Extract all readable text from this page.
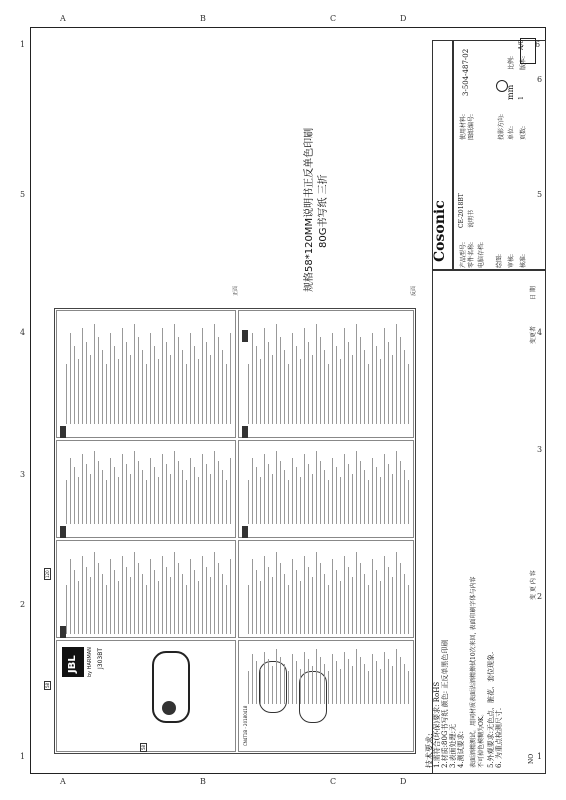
1
1
2
3
4
5
6
1
2
3
4
5
6
A	B	C	D
A	B	C	D
JBL by HARMAN J303BT
CN4T1B - 20180418
58
120
58
正面	反面
技术要求: 1.需符合(环保)要求: RoHS 2.材质:80G书写纸 颜色: 正反单黑色印刷 3.表面处理:无 4.测试要求: 表面酒精测试。用同材质表面沾酒精擦拭10次来回, 表面印刷字体与内容 不可掉色模糊为OK。 5.外观要求:无色点、脏花、套位现象. 6. 为重点检测尺寸.
规格58*120MM说明书正反单色印刷 80G书写纸 三折	Cosonic	产品型号:
CE-2018BT
零件名称:
说明书
电脑存档:	绘图: 审核: 核准:
使用材料: 图纸编号:
3-504-487-02
投影方向: 单位:
mm
比例:
页数:
1
版本:
A/0
NO
变 更 内 容
变更者
日 期
